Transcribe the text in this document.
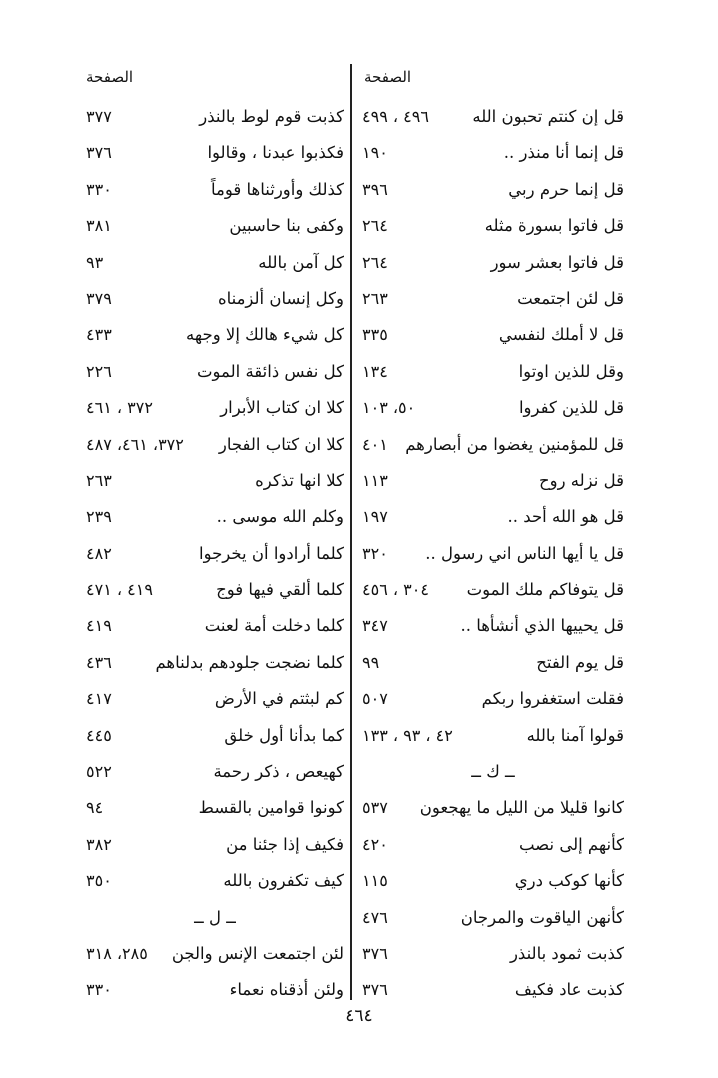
الصفحة
الصفحة
قل إن كنتم تحبون الله
٤٩٦ ، ٤٩٩
قل إنما أنا منذر ..
١٩٠
قل إنما حرم ربي
٣٩٦
قل فاتوا بسورة مثله
٢٦٤
قل فاتوا بعشر سور
٢٦٤
قل لئن اجتمعت
٢٦٣
قل لا أملك لنفسي
٣٣٥
وقل للذين اوتوا
١٣٤
قل للذين كفروا
٥٠، ١٠٣
قل للمؤمنين يغضوا من أبصارهم
٤٠١
قل نزله روح
١١٣
قل هو الله أحد ..
١٩٧
قل يا أيها الناس اني رسول ..
٣٢٠
قل يتوفاكم ملك الموت
٣٠٤ ، ٤٥٦
قل يحييها الذي أنشأها ..
٣٤٧
قل يوم الفتح
٩٩
فقلت استغفروا ربكم
٥٠٧
قولوا آمنا بالله
٤٢ ، ٩٣ ، ١٣٣
ــ ك ــ
كانوا قليلا من الليل ما يهجعون
٥٣٧
كأنهم إلى نصب
٤٢٠
كأنها كوكب دري
١١٥
كأنهن الياقوت والمرجان
٤٧٦
كذبت ثمود بالنذر
٣٧٦
كذبت عاد فكيف
٣٧٦
كذبت قوم لوط بالنذر
٣٧٧
فكذبوا عبدنا ، وقالوا
٣٧٦
كذلك وأورثناها قوماً
٣٣٠
وكفى بنا حاسبين
٣٨١
كل آمن بالله
٩٣
وكل إنسان ألزمناه
٣٧٩
كل شيء هالك إلا وجهه
٤٣٣
كل نفس ذائقة الموت
٢٢٦
كلا ان كتاب الأبرار
٣٧٢ ، ٤٦١
كلا ان كتاب الفجار
٣٧٢، ٤٦١، ٤٨٧
كلا انها تذكره
٢٦٣
وكلم الله موسى ..
٢٣٩
كلما أرادوا أن يخرجوا
٤٨٢
كلما ألقي فيها فوج
٤١٩ ، ٤٧١
كلما دخلت أمة لعنت
٤١٩
كلما نضجت جلودهم بدلناهم
٤٣٦
كم لبثتم في الأرض
٤١٧
كما بدأنا أول خلق
٤٤٥
كهيعص ، ذكر رحمة
٥٢٢
كونوا قوامين بالقسط
٩٤
فكيف إذا جئنا من
٣٨٢
كيف تكفرون بالله
٣٥٠
ــ ل ــ
لئن اجتمعت الإنس والجن
٢٨٥، ٣١٨
ولئن أذقناه نعماء
٣٣٠
٤٦٤
